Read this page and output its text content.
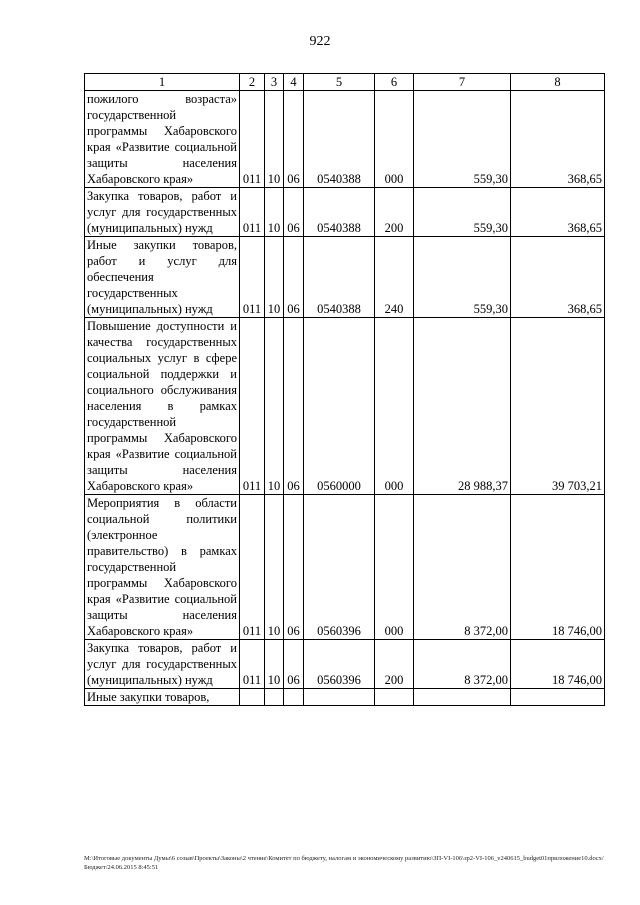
922
1	2	3	4	5	6	7	8
пожилого возраста» государственной программы Хабаровского края «Развитие социальной защиты населения Хабаровского края»	011	10	06	0540388	000	559,30	368,65
Закупка товаров, работ и услуг для государственных (муниципальных) нужд	011	10	06	0540388	200	559,30	368,65
Иные закупки товаров, работ и услуг для обеспечения государственных (муниципальных) нужд	011	10	06	0540388	240	559,30	368,65
Повышение доступности и качества государственных социальных услуг в сфере социальной поддержки и социального обслуживания населения в рамках государственной программы Хабаровского края «Развитие социальной защиты населения Хабаровского края»	011	10	06	0560000	000	28 988,37	39 703,21
Мероприятия в области социальной политики (электронное правительство) в рамках государственной программы Хабаровского края «Развитие социальной защиты населения Хабаровского края»	011	10	06	0560396	000	8 372,00	18 746,00
Закупка товаров, работ и услуг для государственных (муниципальных) нужд	011	10	06	0560396	200	8 372,00	18 746,00
Иные закупки товаров,							
М:\Итоговые документы Думы\6 созыв\Проекты\Законы\2 чтение\Комитет по бюджету, налогам и экономическому развитию\ЗП-VI-106\зр2-VI-106_v240615_budget01приложение10.docx/Бюджет/24.06.2015 8:45:51
